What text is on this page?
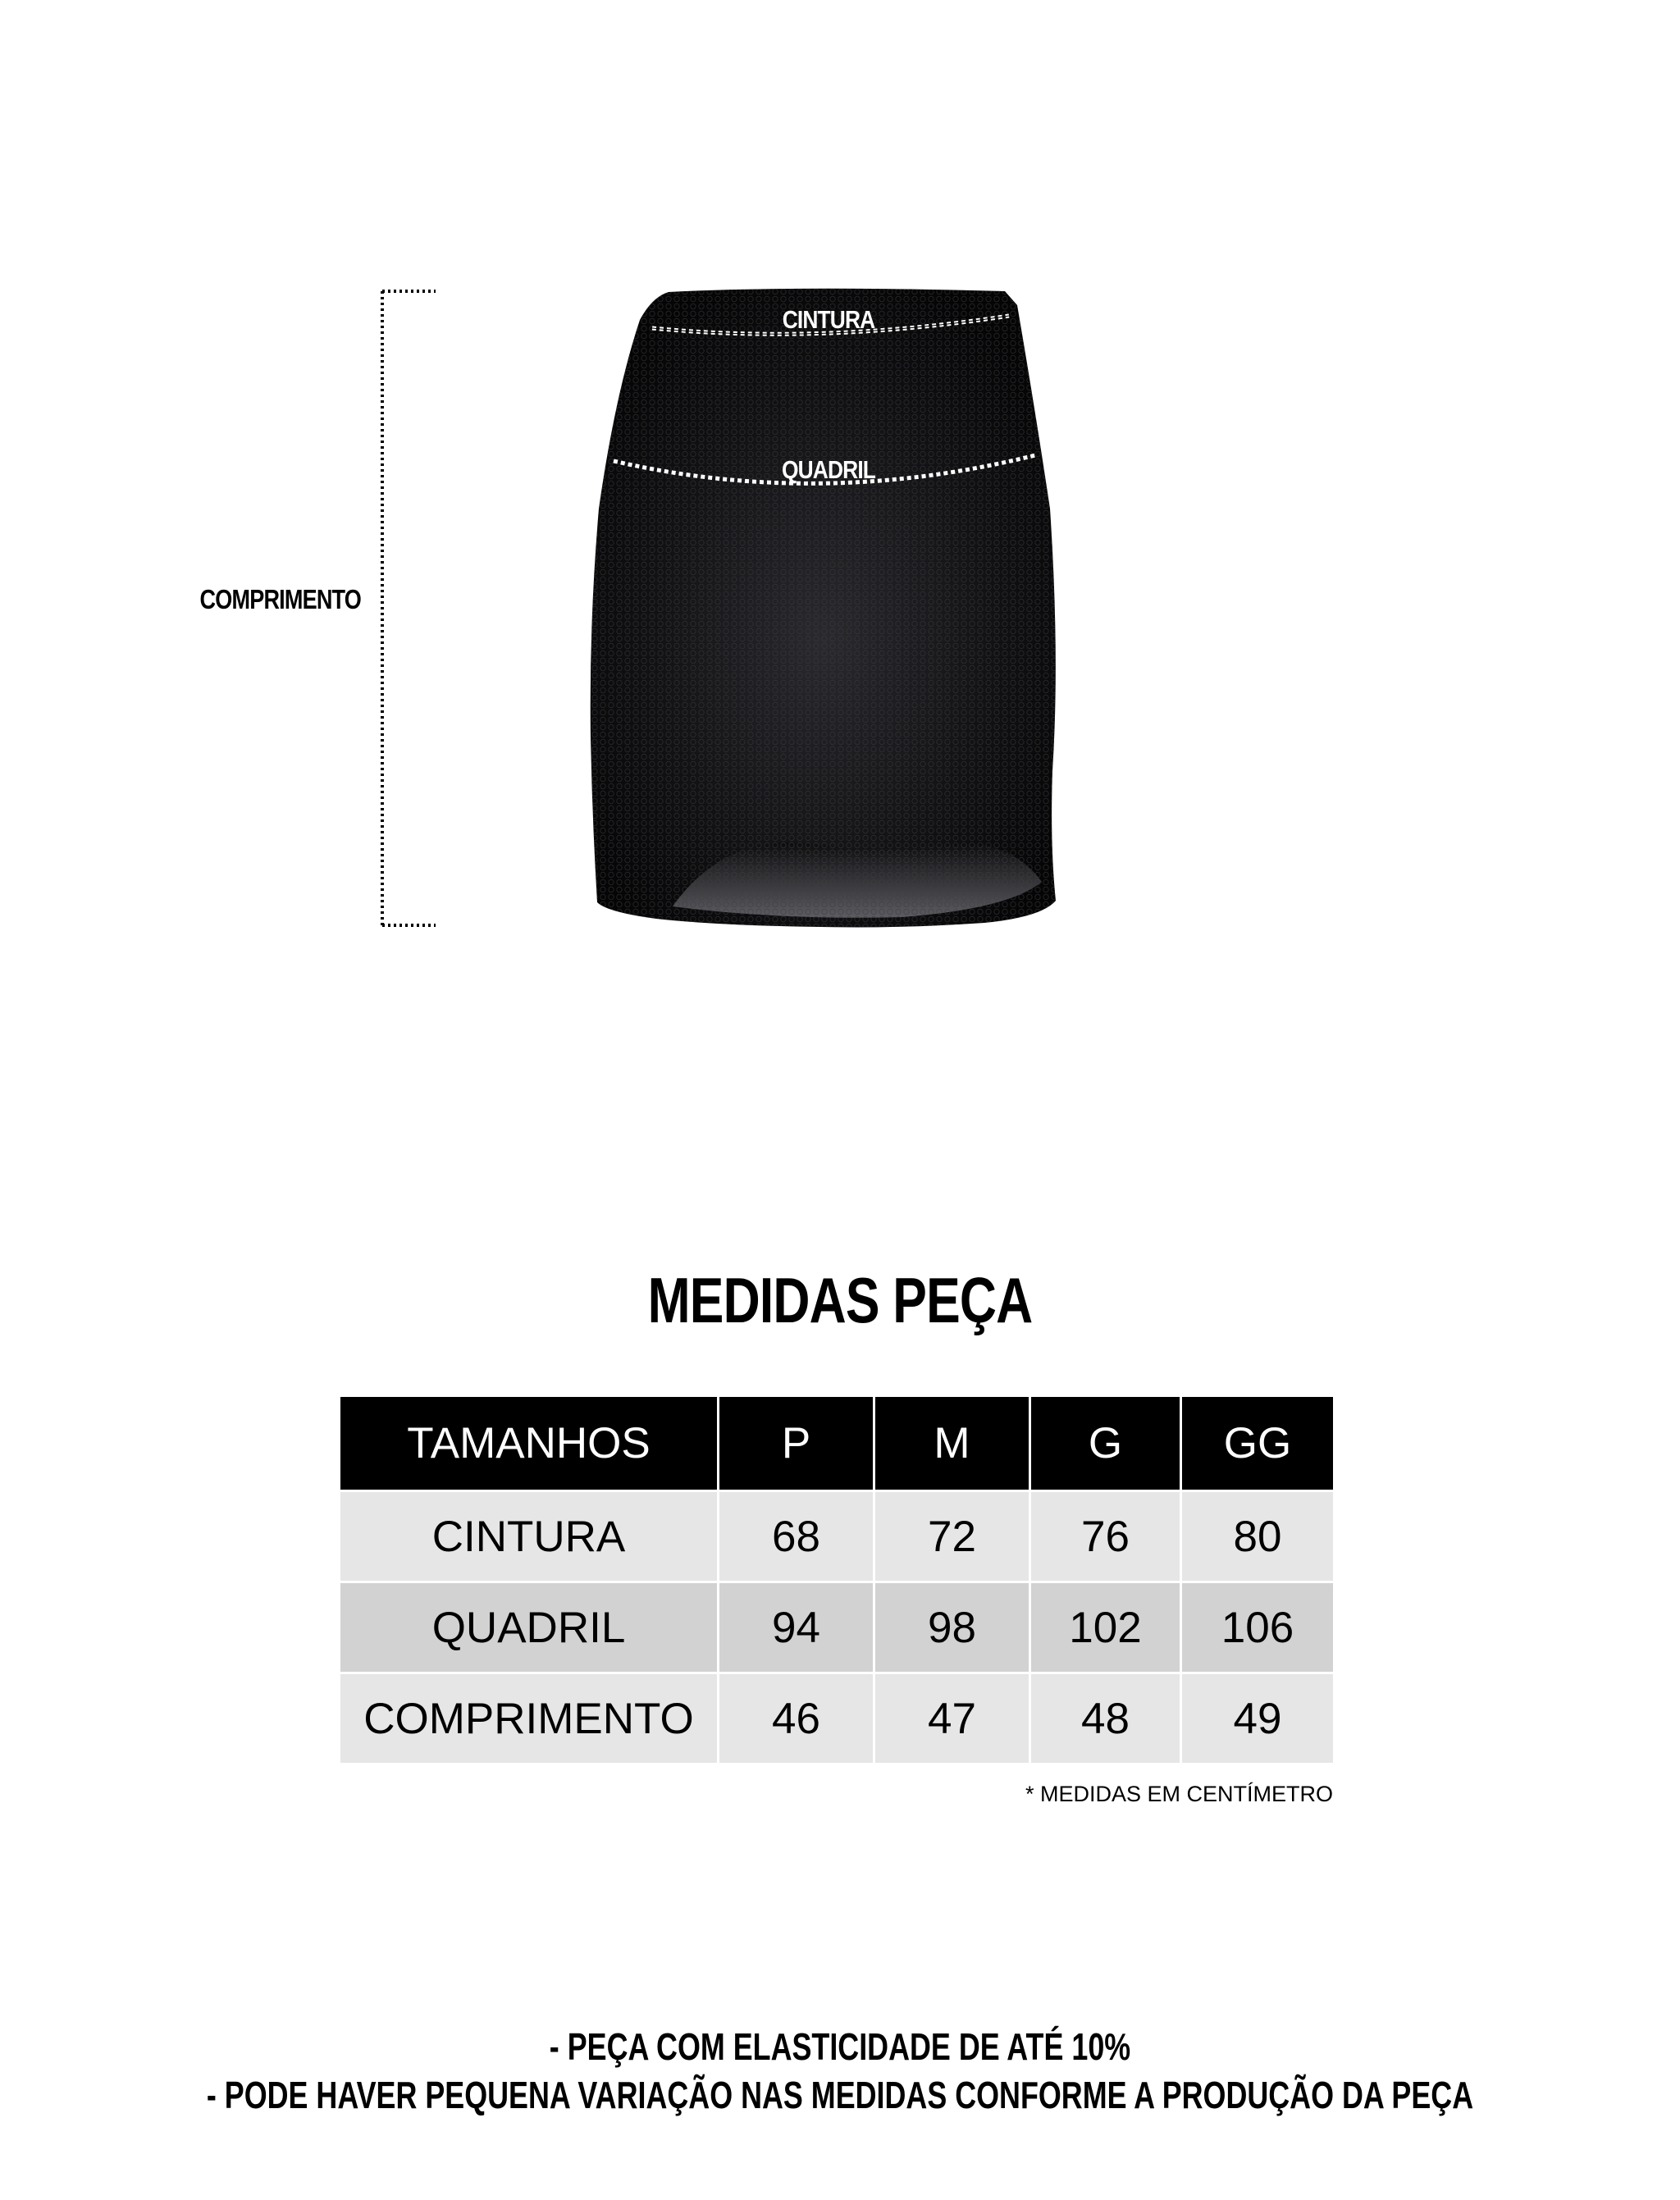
COMPRIMENTO
CINTURA
QUADRIL
MEDIDAS PEÇA
TAMANHOS	P	M	G	GG
CINTURA	68	72	76	80
QUADRIL	94	98	102	106
COMPRIMENTO	46	47	48	49
* MEDIDAS EM CENTÍMETRO
- PEÇA COM ELASTICIDADE DE ATÉ 10%
- PODE HAVER PEQUENA VARIAÇÃO NAS MEDIDAS CONFORME A PRODUÇÃO DA PEÇA
